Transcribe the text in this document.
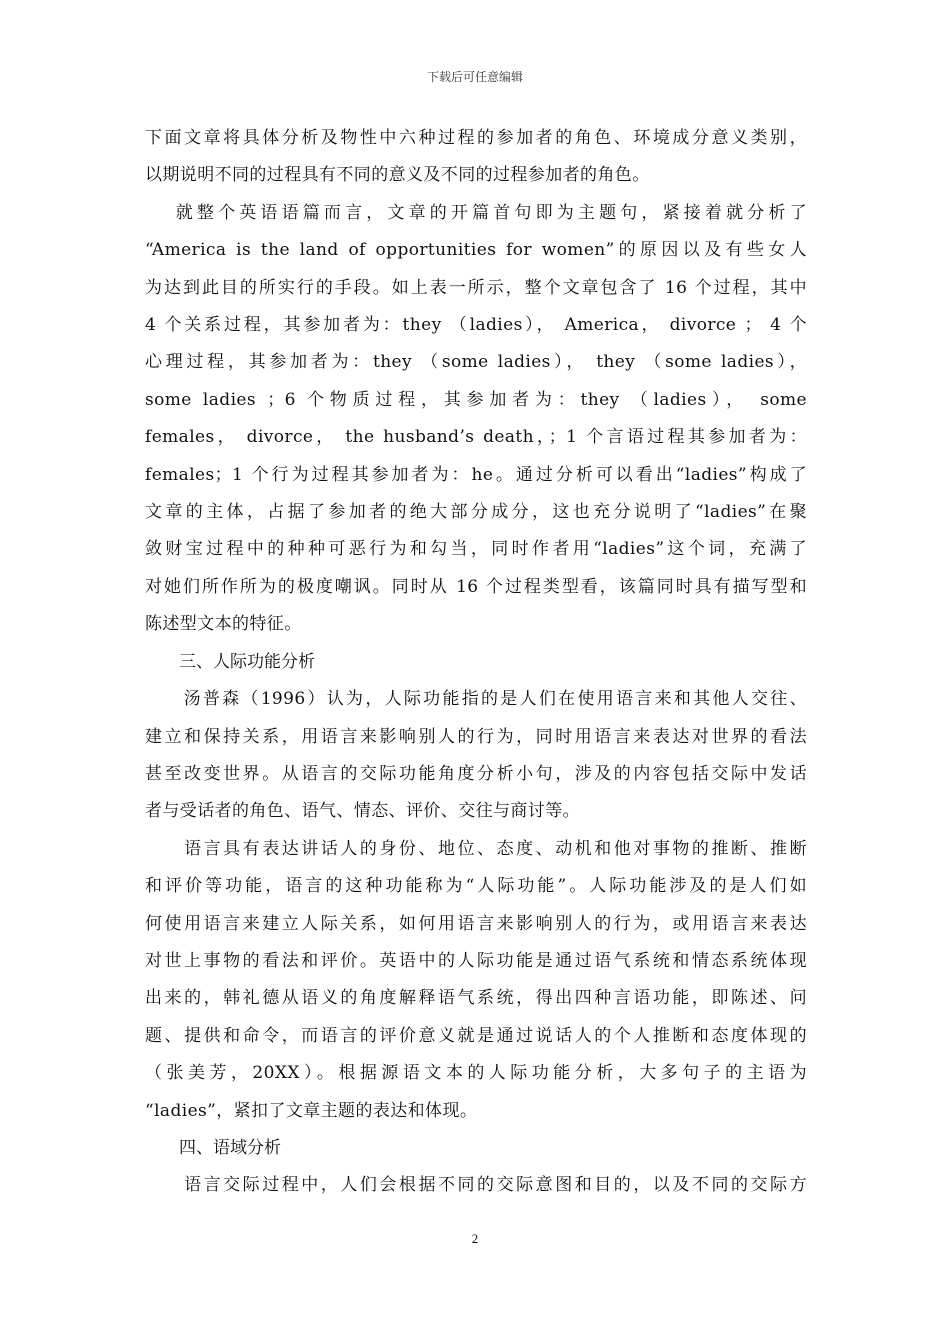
下载后可任意编辑
下面文章将具体分析及物性中六种过程的参加者的角色、环境成分意义类别，
以期说明不同的过程具有不同的意义及不同的过程参加者的角色。
　 就整个英语语篇而言，文章的开篇首句即为主题句，紧接着就分析了
“America is the land of opportunities for women”的原因以及有些女人
为达到此目的所实行的手段。如上表一所示，整个文章包含了 16 个过程，其中
4 个关系过程，其参加者为：they （ladies）， America， divorce ； 4 个
心理过程，其参加者为：they （some ladies）， they （some ladies），
some ladies ；6 个物质过程，其参加者为：they （ladies）， some
females， divorce， the husband’s death，；1 个言语过程其参加者为：
females；1 个行为过程其参加者为：he。通过分析可以看出“ladies”构成了
文章的主体，占据了参加者的绝大部分成分，这也充分说明了“ladies”在聚
敛财宝过程中的种种可恶行为和勾当，同时作者用“ladies”这个词，充满了
对她们所作所为的极度嘲讽。同时从 16 个过程类型看，该篇同时具有描写型和
陈述型文本的特征。
三、人际功能分析
　　汤普森（1996）认为，人际功能指的是人们在使用语言来和其他人交往、
建立和保持关系，用语言来影响别人的行为，同时用语言来表达对世界的看法
甚至改变世界。从语言的交际功能角度分析小句，涉及的内容包括交际中发话
者与受话者的角色、语气、情态、评价、交往与商讨等。
　　语言具有表达讲话人的身份、地位、态度、动机和他对事物的推断、推断
和评价等功能，语言的这种功能称为“人际功能”。人际功能涉及的是人们如
何使用语言来建立人际关系，如何用语言来影响别人的行为，或用语言来表达
对世上事物的看法和评价。英语中的人际功能是通过语气系统和情态系统体现
出来的，韩礼德从语义的角度解释语气系统，得出四种言语功能，即陈述、问
题、提供和命令，而语言的评价意义就是通过说话人的个人推断和态度体现的
（张美芳，20XX）。根据源语文本的人际功能分析，大多句子的主语为
“ladies”，紧扣了文章主题的表达和体现。
四、语域分析
　　语言交际过程中，人们会根据不同的交际意图和目的，以及不同的交际方
2
